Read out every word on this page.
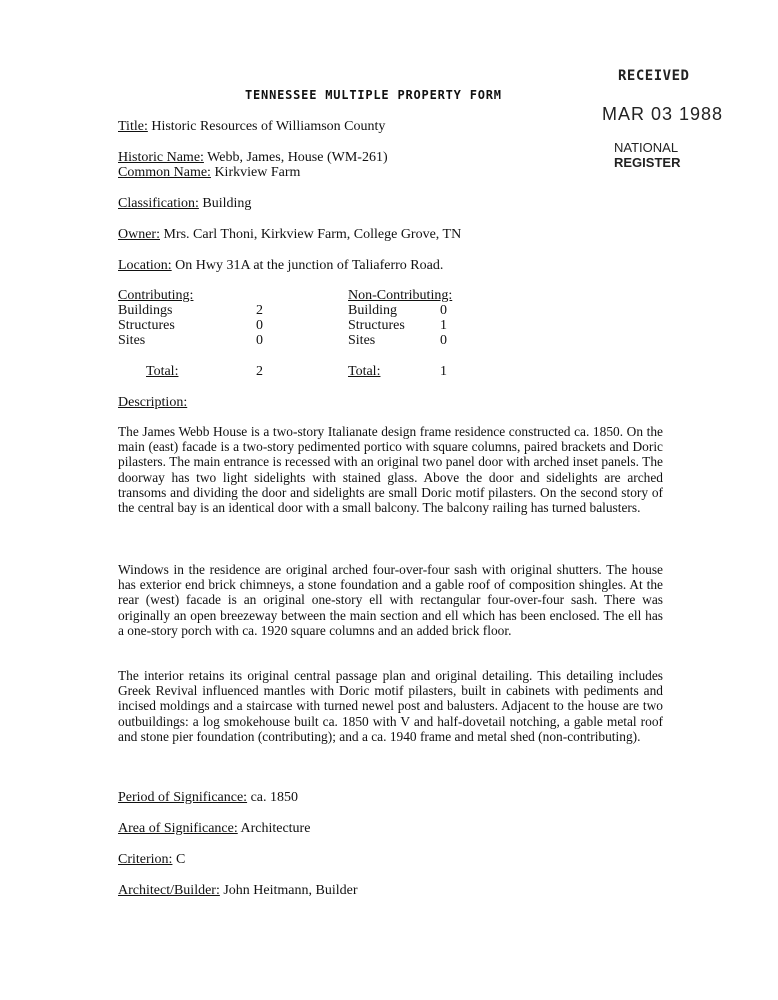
RECEIVED
MAR 03 1988
NATIONAL
REGISTER
TENNESSEE MULTIPLE PROPERTY FORM
Title: Historic Resources of Williamson County
Historic Name: Webb, James, House (WM-261)
Common Name: Kirkview Farm
Classification: Building
Owner: Mrs. Carl Thoni, Kirkview Farm, College Grove, TN
Location: On Hwy 31A at the junction of Taliaferro Road.
Contributing:
Buildings	2
Structures	0
Sites	0
Total:	2
Non-Contributing:
Building	0
Structures	1
Sites	0
Total:	1
Description:

The James Webb House is a two-story Italianate design frame residence constructed ca. 1850. On the main (east) facade is a two-story pedimented portico with square columns, paired brackets and Doric pilasters. The main entrance is recessed with an original two panel door with arched inset panels. The doorway has two light sidelights with stained glass. Above the door and sidelights are arched transoms and dividing the door and sidelights are small Doric motif pilasters. On the second story of the central bay is an identical door with a small balcony. The balcony railing has turned balusters.

Windows in the residence are original arched four-over-four sash with original shutters. The house has exterior end brick chimneys, a stone foundation and a gable roof of composition shingles. At the rear (west) facade is an original one-story ell with rectangular four-over-four sash. There was originally an open breezeway between the main section and ell which has been enclosed. The ell has a one-story porch with ca. 1920 square columns and an added brick floor.

The interior retains its original central passage plan and original detailing. This detailing includes Greek Revival influenced mantles with Doric motif pilasters, built in cabinets with pediments and incised moldings and a staircase with turned newel post and balusters. Adjacent to the house are two outbuildings: a log smokehouse built ca. 1850 with V and half-dovetail notching, a gable metal roof and stone pier foundation (contributing); and a ca. 1940 frame and metal shed (non-contributing).

Period of Significance: ca. 1850
Area of Significance: Architecture
Criterion: C
Architect/Builder: John Heitmann, Builder
